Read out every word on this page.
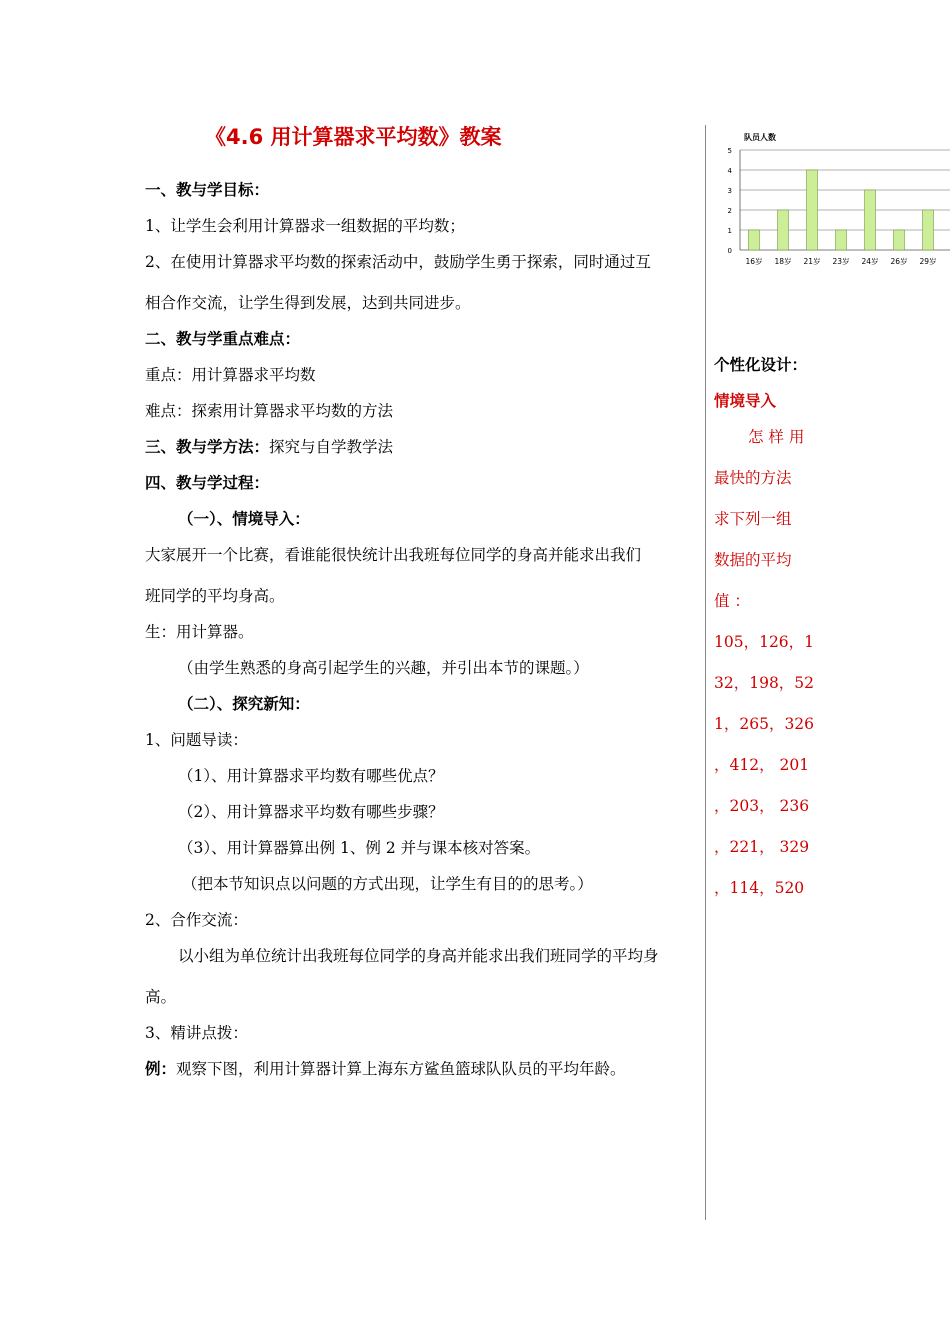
《4.6 用计算器求平均数》教案
一、教与学目标：
1、让学生会利用计算器求一组数据的平均数；
2、在使用计算器求平均数的探索活动中，鼓励学生勇于探索，同时通过互
相合作交流，让学生得到发展，达到共同进步。
二、教与学重点难点：
重点：用计算器求平均数
难点：探索用计算器求平均数的方法
三、教与学方法：探究与自学教学法
四、教与学过程：
（一）、情境导入：
大家展开一个比赛，看谁能很快统计出我班每位同学的身高并能求出我们
班同学的平均身高。
生：用计算器。
（由学生熟悉的身高引起学生的兴趣，并引出本节的课题。）
（二）、探究新知：
1、问题导读：
（1）、用计算器求平均数有哪些优点？
（2）、用计算器求平均数有哪些步骤？
（3）、用计算器算出例 1、例 2 并与课本核对答案。
（把本节知识点以问题的方式出现，让学生有目的的思考。）
2、合作交流：
以小组为单位统计出我班每位同学的身高并能求出我们班同学的平均身
高。
3、精讲点拨：
例：观察下图，利用计算器计算上海东方鲨鱼篮球队队员的平均年龄。
队员人数
0
1
2
3
4
5
16岁 18岁 21岁 23岁 24岁 26岁 29岁
个性化设计：
情境导入
怎 样 用
最快的方法
求下列一组
数据的平均
值 ：
105，126，1
32，198，52
1，265，326
，412， 201
，203， 236
，221， 329
，114，520
